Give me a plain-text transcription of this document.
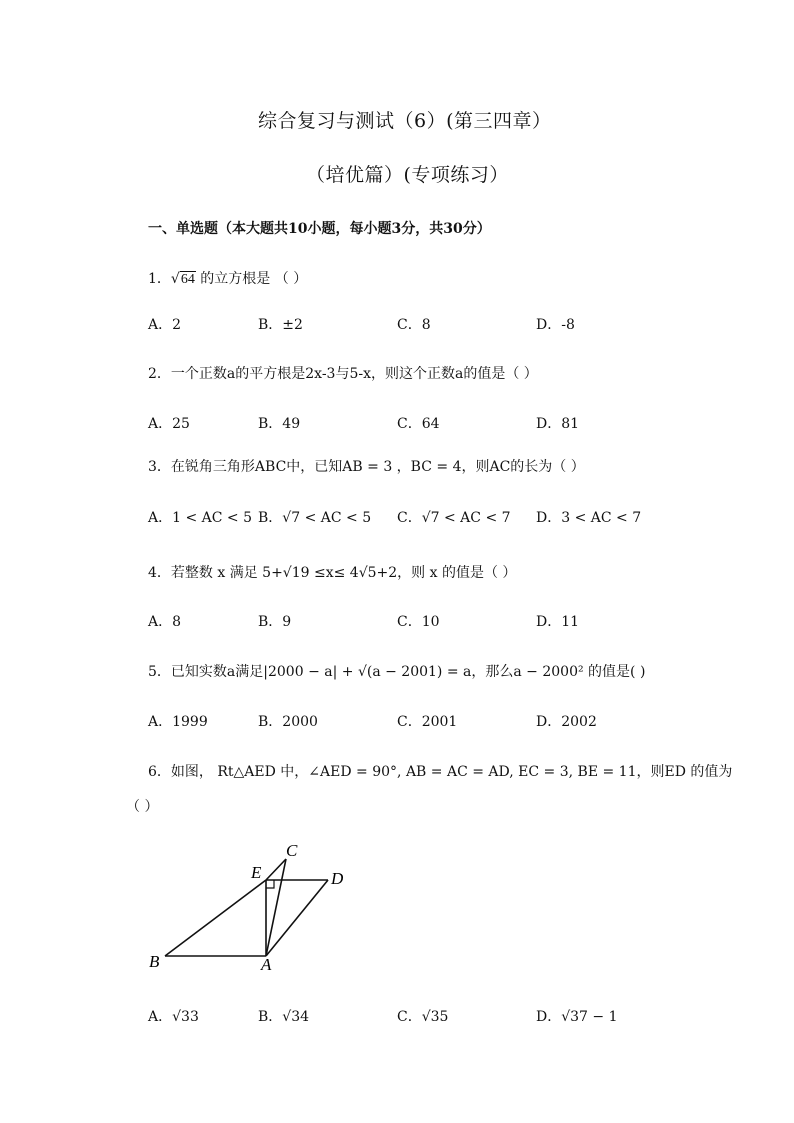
综合复习与测试（6）(第三四章）
（培优篇）(专项练习）
一、单选题（本大题共10小题，每小题3分，共30分）
1．√64 的立方根是 （ ）
A．2	B．±2	C．8	D．-8
2．一个正数a的平方根是2x-3与5-x，则这个正数a的值是（ ）
A．25	B．49	C．64	D．81
3．在锐角三角形ABC中，已知AB = 3 ，BC = 4，则AC的长为（ ）
A．1 < AC < 5 B．√7 < AC < 5 C．√7 < AC < 7 D．3 < AC < 7
4．若整数 x 满足 5+√19 ≤x≤ 4√5+2，则 x 的值是（ ）
A．8	B．9	C．10	D．11
5．已知实数a满足|2000 − a| + √(a − 2001) = a，那么a − 2000² 的值是( )
A．1999	B．2000	C．2001	D．2002
6．如图， Rt△AED 中，∠AED = 90°, AB = AC = AD, EC = 3, BE = 11，则ED 的值为
（ ）
B	A
E
C
D
A．√33	B．√34	C．√35	D．√37 − 1
